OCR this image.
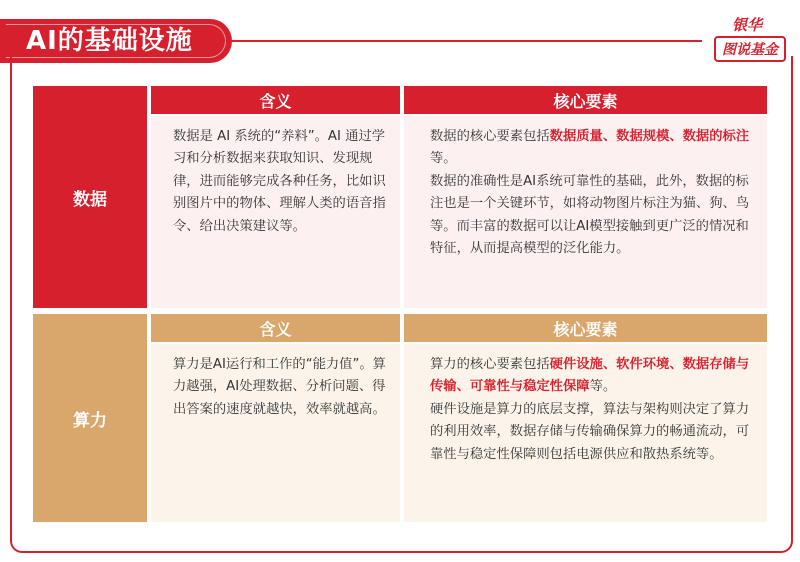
AI的基础设施
银华
图说基金
数据
含义	核心要素
数据是 AI 系统的“养料”。AI 通过学习和分析数据来获取知识、发现规律，进而能够完成各种任务，比如识别图片中的物体、理解人类的语音指令、给出决策建议等。
数据的核心要素包括数据质量、数据规模、数据的标注等。
数据的准确性是AI系统可靠性的基础，此外，数据的标注也是一个关键环节，如将动物图片标注为猫、狗、鸟等。而丰富的数据可以让AI模型接触到更广泛的情况和特征，从而提高模型的泛化能力。
算力
含义	核心要素
算力是AI运行和工作的“能力值”。算力越强，AI处理数据、分析问题、得出答案的速度就越快，效率就越高。
算力的核心要素包括硬件设施、软件环境、数据存储与传输、可靠性与稳定性保障等。
硬件设施是算力的底层支撑，算法与架构则决定了算力的利用效率，数据存储与传输确保算力的畅通流动，可靠性与稳定性保障则包括电源供应和散热系统等。
